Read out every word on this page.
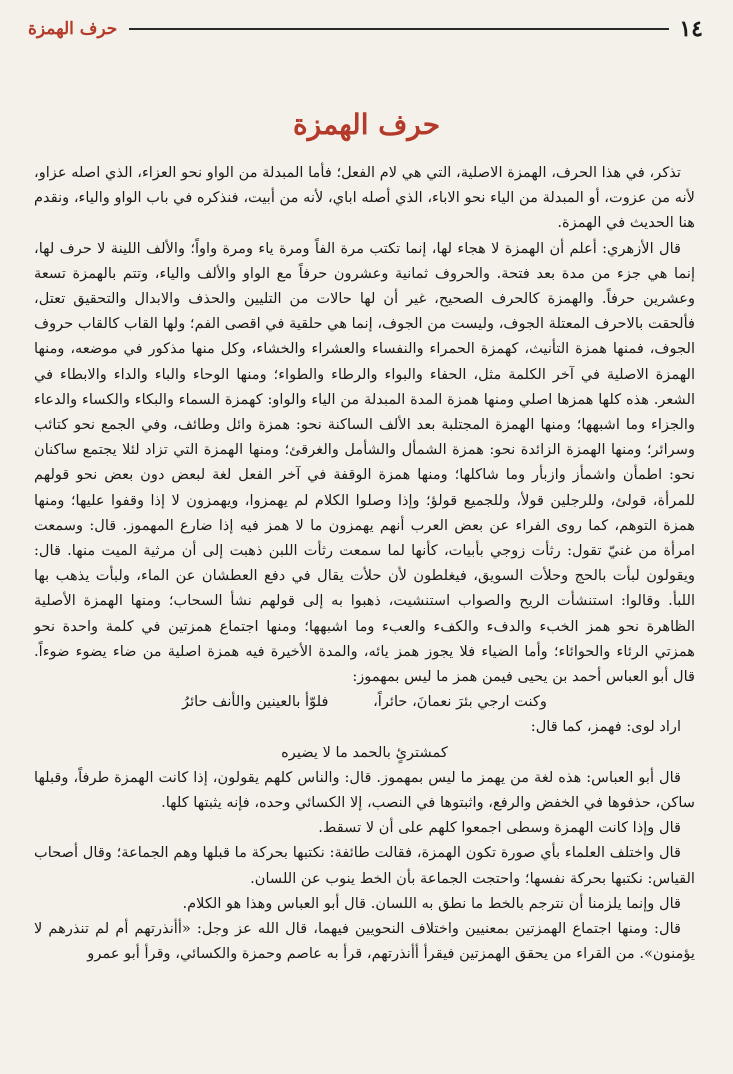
١٤
حرف الهمزة
حرف الهمزة

تذكر، في هذا الحرف، الهمزة الاصلية، التي هي لام الفعل؛ فأما المبدلة من الواو نحو العزاء، الذي اصله عزاو، لأنه من عزوت، أو المبدلة من الياء نحو الاباء، الذي أصله اباي، لأنه من أبيت، فنذكره في باب الواو والياء، ونقدم هنا الحديث في الهمزة.

قال الأزهري: أعلم أن الهمزة لا هجاء لها، إنما تكتب مرة الفاً ومرة ياء ومرة واواً؛ والألف اللينة لا حرف لها، إنما هي جزء من مدة بعد فتحة. والحروف ثمانية وعشرون حرفاً مع الواو والألف والياء، وتتم بالهمزة تسعة وعشرين حرفاً. والهمزة كالحرف الصحيح، غير أن لها حالات من التليين والحذف والابدال والتحقيق تعتل، فألحقت بالاحرف المعتلة الجوف، وليست من الجوف، إنما هي حلقية في اقصى الفم؛ ولها القاب كالقاب حروف الجوف، فمنها همزة التأنيث، كهمزة الحمراء والنفساء والعشراء والخشاء، وكل منها مذكور في موضعه، ومنها الهمزة الاصلية في آخر الكلمة مثل، الحفاء والبواء والرطاء والطواء؛ ومنها الوحاء والباء والداء والابطاء في الشعر. هذه كلها همزها اصلي ومنها همزة المدة المبدلة من الياء والواو: كهمزة السماء والبكاء والكساء والدعاء والجزاء وما اشبهها؛ ومنها الهمزة المجتلبة بعد الألف الساكنة نحو: همزة وائل وطائف، وفي الجمع نحو كتائب وسرائر؛ ومنها الهمزة الزائدة نحو: همزة الشمأل والشأمل والغرقئ؛ ومنها الهمزة التي تزاد لئلا يجتمع ساكنان نحو: اطمأن واشمأز وازبأر وما شاكلها؛ ومنها همزة الوقفة في آخر الفعل لغة لبعض دون بعض نحو قولهم للمرأة، قولئ، وللرجلين قولأ، وللجميع قولؤ؛ وإذا وصلوا الكلام لم يهمزوا، ويهمزون لا إذا وقفوا عليها؛ ومنها همزة التوهم، كما روى الفراء عن بعض العرب أنهم يهمزون ما لا همز فيه إذا ضارع المهموز. قال: وسمعت امرأة من غنيّ تقول: رثأت زوجي بأبيات، كأنها لما سمعت رثأت اللبن ذهبت إلى أن مرثية الميت منها. قال: ويقولون لبأت بالحج وحلأت السويق، فيغلطون لأن حلأت يقال في دفع العطشان عن الماء، ولبأت يذهب بها اللبأ. وقالوا: استنشأت الريح والصواب استنشيت، ذهبوا به إلى قولهم نشأ السحاب؛ ومنها الهمزة الأصلية الظاهرة نحو همز الخبء والدفء والكفء والعبء وما اشبهها؛ ومنها اجتماع همزتين في كلمة واحدة نحو همزتي الرئاء والحوائاء؛ وأما الضياء فلا يجوز همز يائه، والمدة الأخيرة فيه همزة اصلية من ضاء يضوء ضوءاً. قال أبو العباس أحمد بن يحيى فيمن همز ما ليس بمهموز:

وكنت ارجي بئرَ نعمانَ، حائراً، فلوّأ بالعينين والأنف حائرُ

اراد لوى: فهمز، كما قال:

كمشترئٍ بالحمد ما لا يضيره

قال أبو العباس: هذه لغة من يهمز ما ليس بمهموز. قال: والناس كلهم يقولون، إذا كانت الهمزة طرفاً، وقبلها ساكن، حذفوها في الخفض والرفع، واثبتوها في النصب، إلا الكسائي وحده، فإنه يثبتها كلها.

قال وإذا كانت الهمزة وسطى اجمعوا كلهم على أن لا تسقط.

قال واختلف العلماء بأي صورة تكون الهمزة، فقالت طائفة: نكتبها بحركة ما قبلها وهم الجماعة؛ وقال أصحاب القياس: نكتبها بحركة نفسها؛ واحتجت الجماعة بأن الخط ينوب عن اللسان.

قال وإنما يلزمنا أن نترجم بالخط ما نطق به اللسان. قال أبو العباس وهذا هو الكلام.

قال: ومنها اجتماع الهمزتين بمعنيين واختلاف النحويين فيهما، قال الله عز وجل: «أأنذرتهم أم لم تنذرهم لا يؤمنون». من القراء من يحقق الهمزتين فيقرأ أأنذرتهم، قرأ به عاصم وحمزة والكسائي، وقرأ أبو عمرو
